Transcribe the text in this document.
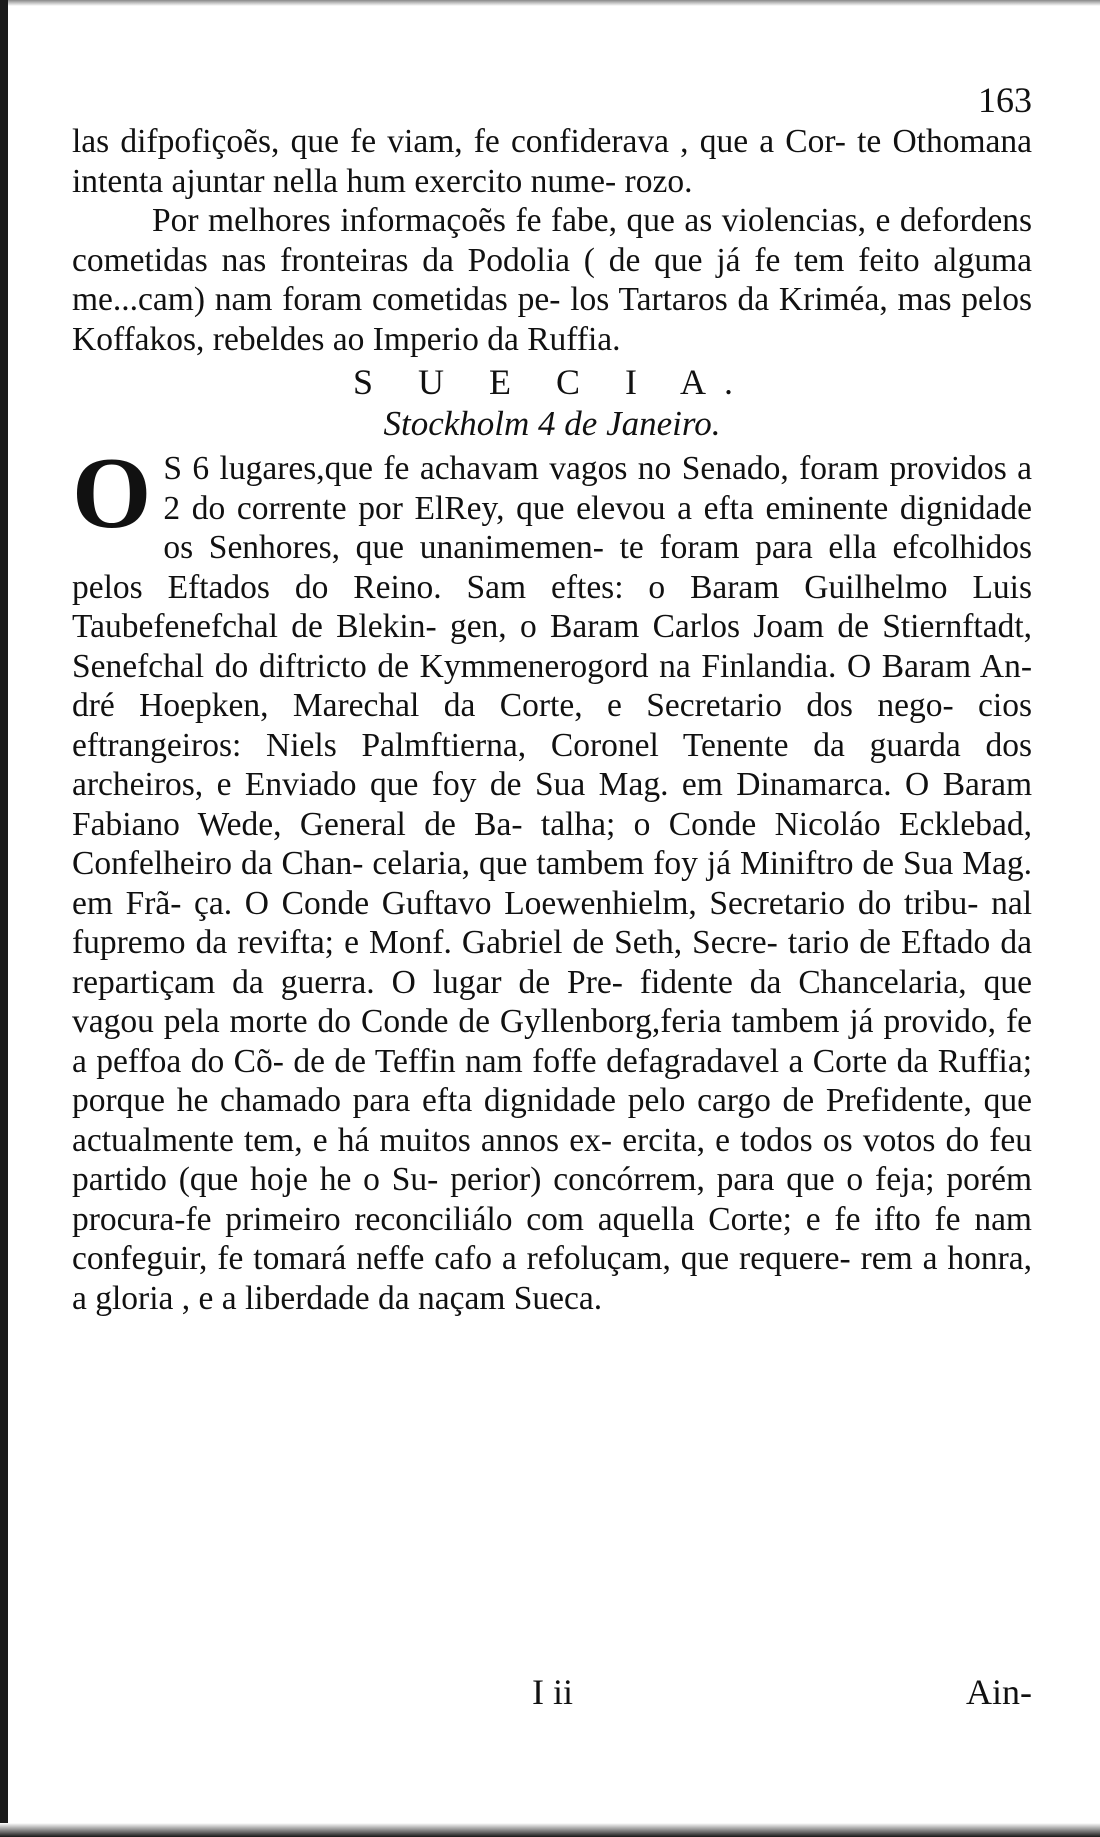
163

las difpofiçoẽs, que fe viam, fe confiderava , que a Cor- te Othomana intenta ajuntar nella hum exercito nume- rozo.

Por melhores informaçoẽs fe fabe, que as violencias, e defordens cometidas nas fronteiras da Podolia ( de que já fe tem feito alguma me...cam) nam foram cometidas pe- los Tartaros da Kriméa, mas pelos Koffakos, rebeldes ao Imperio da Ruffia.

S U E C I A.
Stockholm 4 de Janeiro.

O S 6 lugares,que fe achavam vagos no Senado, foram providos a 2 do corrente por ElRey, que elevou a efta eminente dignidade os Senhores, que unanimemen- te foram para ella efcolhidos pelos Eftados do Reino. Sam eftes: o Baram Guilhelmo Luis Taubefenefchal de Blekin- gen, o Baram Carlos Joam de Stiernftadt, Senefchal do diftricto de Kymmenerogord na Finlandia. O Baram An- dré Hoepken, Marechal da Corte, e Secretario dos nego- cios eftrangeiros: Niels Palmftierna, Coronel Tenente da guarda dos archeiros, e Enviado que foy de Sua Mag. em Dinamarca. O Baram Fabiano Wede, General de Ba- talha; o Conde Nicoláo Ecklebad, Confelheiro da Chan- celaria, que tambem foy já Miniftro de Sua Mag. em Frã- ça. O Conde Guftavo Loewenhielm, Secretario do tribu- nal fupremo da revifta; e Monf. Gabriel de Seth, Secre- tario de Eftado da repartiçam da guerra. O lugar de Pre- fidente da Chancelaria, que vagou pela morte do Conde de Gyllenborg,feria tambem já provido, fe a peffoa do Cõ- de de Teffin nam foffe defagradavel a Corte da Ruffia; porque he chamado para efta dignidade pelo cargo de Prefidente, que actualmente tem, e há muitos annos ex- ercita, e todos os votos do feu partido (que hoje he o Su- perior) concórrem, para que o feja; porém procura-fe primeiro reconciliálo com aquella Corte; e fe ifto fe nam confeguir, fe tomará neffe cafo a refoluçam, que requere- rem a honra, a gloria , e a liberdade da naçam Sueca.

I ii	Ain-
